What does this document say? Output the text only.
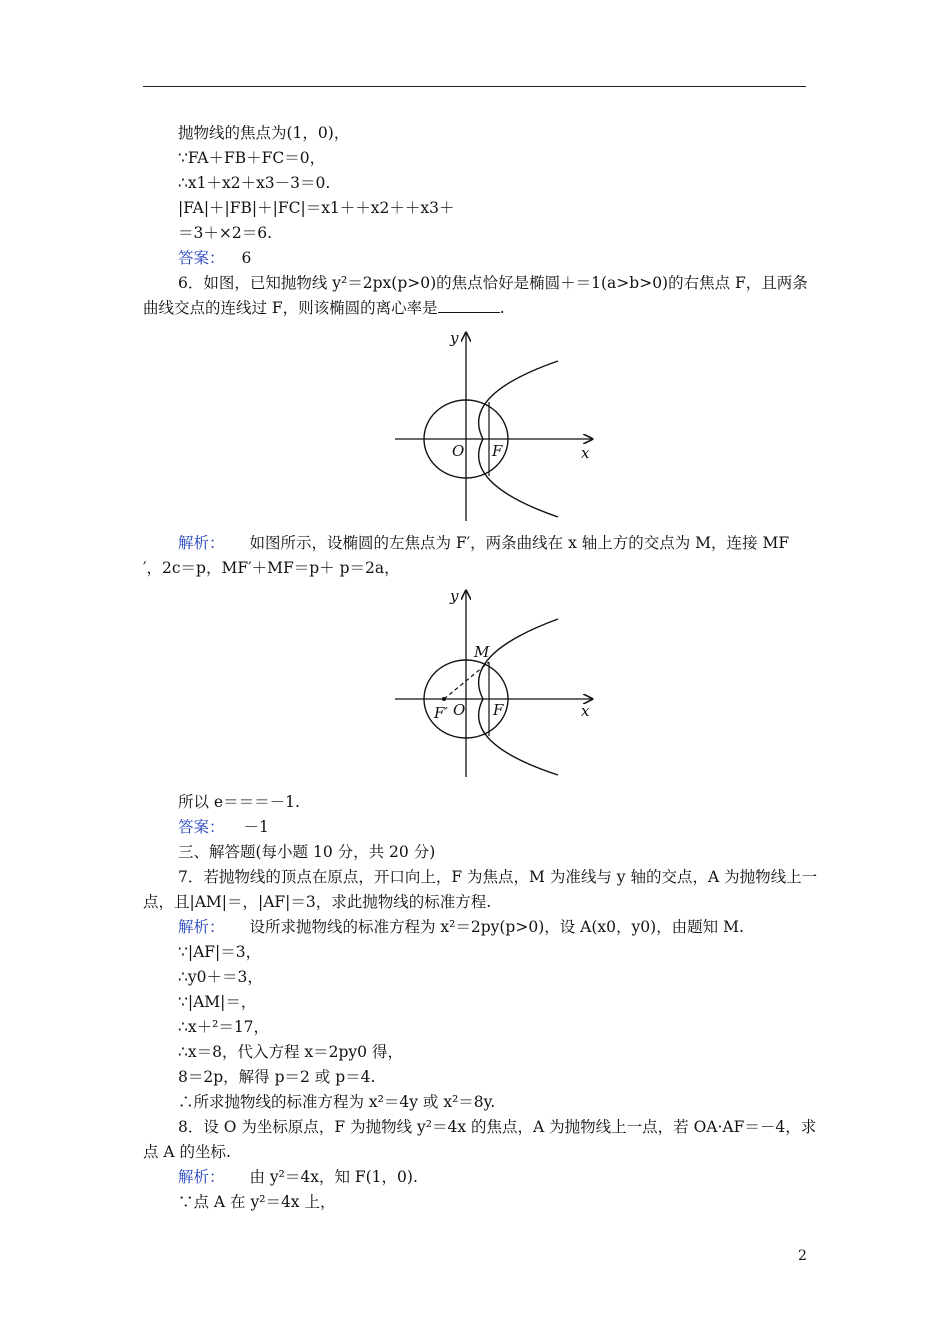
抛物线的焦点为(1，0)，
∵FA＋FB＋FC＝0，
∴x1＋x2＋x3－3＝0.
|FA|＋|FB|＋|FC|＝x1＋＋x2＋＋x3＋
＝3＋×2＝6.
答案： 6
6．如图，已知抛物线 y²＝2px(p>0)的焦点恰好是椭圆＋＝1(a>b>0)的右焦点 F，且两条
曲线交点的连线过 F，则该椭圆的离心率是	.
y
x
O F
解析： 如图所示，设椭圆的左焦点为 F′，两条曲线在 x 轴上方的交点为 M，连接 MF
′，2c＝p，MF′＋MF＝p＋ p＝2a，
y
x
M
F′ O F
所以 e＝＝＝－1.
答案： －1
三、解答题(每小题 10 分，共 20 分)
7．若抛物线的顶点在原点，开口向上，F 为焦点，M 为准线与 y 轴的交点，A 为抛物线上一
点，且|AM|＝，|AF|＝3，求此抛物线的标准方程.
解析： 设所求抛物线的标准方程为 x²＝2py(p>0)，设 A(x0，y0)，由题知 M.
∵|AF|＝3，
∴y0＋＝3，
∵|AM|＝，
∴x＋²＝17，
∴x＝8，代入方程 x＝2py0 得，
8＝2p，解得 p＝2 或 p＝4.
∴所求抛物线的标准方程为 x²＝4y 或 x²＝8y.
8．设 O 为坐标原点，F 为抛物线 y²＝4x 的焦点，A 为抛物线上一点，若 OA·AF＝－4，求
点 A 的坐标.
解析： 由 y²＝4x，知 F(1，0).
∵点 A 在 y²＝4x 上，
2
